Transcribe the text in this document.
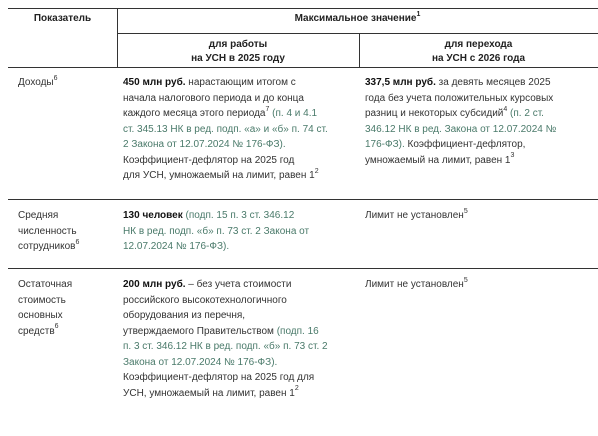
Показатель	Максимальное значение$^1$
для работы
на УСН в 2025 году
для перехода
на УСН с 2026 года
Доходы$^6$	450 млн руб. нарастающим итогом с
начала налогового периода и до конца
каждого месяца этого периода$^7$ (п. 4 и 4.1
ст. 345.13 НК в ред. подп. «а» и «б» п. 74 ст.
2 Закона от 12.07.2024 № 176-ФЗ).
Коэффициент-дефлятор на 2025 год
для УСН, умножаемый на лимит, равен $1^2$
337,5 млн руб. за девять месяцев 2025
года без учета положительных курсовых
разниц и некоторых субсидий$^4$ (п. 2 ст.
346.12 НК в ред. Закона от 12.07.2024 №
176-ФЗ). Коэффициент-дефлятор,
умножаемый на лимит, равен $1^3$
Средняя
численность
сотрудников$^6$
130 человек (подп. 15 п. 3 ст. 346.12
НК в ред. подп. «б» п. 73 ст. 2 Закона от
12.07.2024 № 176-ФЗ).
Лимит не установлен$^5$
Остаточная
стоимость
основных
средств$^6$
200 млн руб. – без учета стоимости
российского высокотехнологичного
оборудования из перечня,
утверждаемого Правительством (подп. 16
п. 3 ст. 346.12 НК в ред. подп. «б» п. 73 ст. 2
Закона от 12.07.2024 № 176-ФЗ).
Коэффициент-дефлятор на 2025 год для
УСН, умножаемый на лимит, равен $1^2$
Лимит не установлен$^5$
